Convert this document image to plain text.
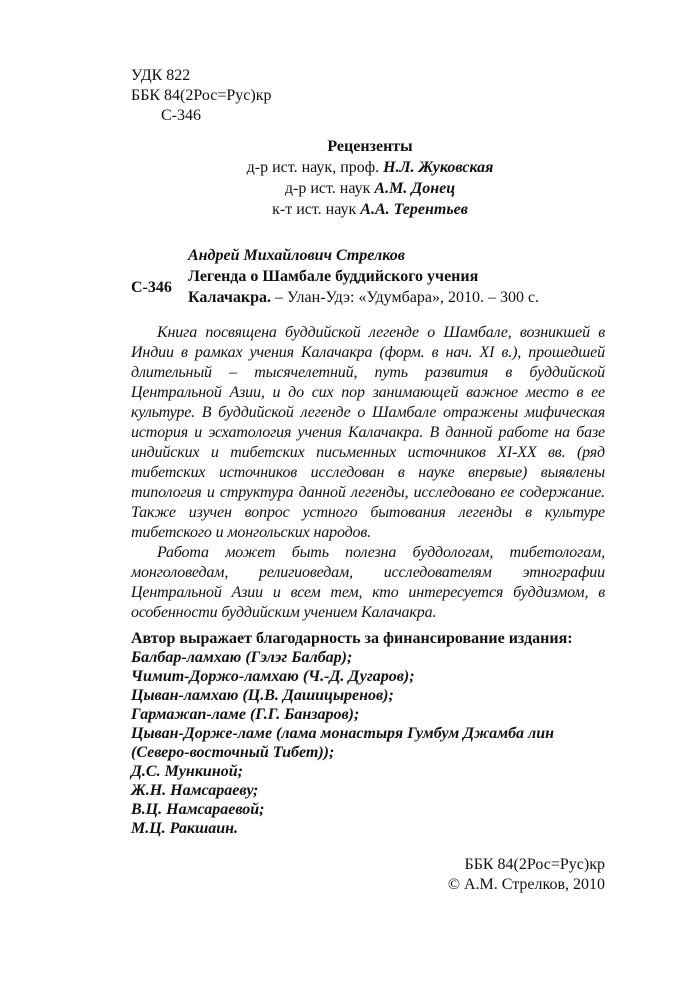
УДК 822
ББК 84(2Рос=Рус)кр
С-346
Рецензенты
д-р ист. наук, проф. Н.Л. Жуковская
д-р ист. наук А.М. Донец
к-т ист. наук А.А. Терентьев
С-346
Андрей Михайлович Стрелков
Легенда о Шамбале буддийского учения
Калачакра. – Улан-Удэ: «Удумбара», 2010. – 300 с.

Книга посвящена буддийской легенде о Шамбале, возникшей в Индии в рамках учения Калачакра (форм. в нач. XI в.), прошедшей длительный – тысячелетний, путь развития в буддийской Центральной Азии, и до сих пор занимающей важное место в ее культуре. В буддийской легенде о Шамбале отражены мифическая история и эсхатология учения Калачакра. В данной работе на базе индийских и тибетских письменных источников XI-XX вв. (ряд тибетских источников исследован в науке впервые) выявлены типология и структура данной легенды, исследовано ее содержание. Также изучен вопрос устного бытования легенды в культуре тибетского и монгольских народов.

Работа может быть полезна буддологам, тибетологам, монголоведам, религиоведам, исследователям этнографии Центральной Азии и всем тем, кто интересуется буддизмом, в особенности буддийским учением Калачакра.

Автор выражает благодарность за финансирование издания:
Балбар-ламхаю (Гэлэг Балбар);
Чимит-Доржо-ламхаю (Ч.-Д. Дугаров);
Цыван-ламхаю (Ц.В. Дашицыренов);
Гармажап-ламе (Г.Г. Банзаров);
Цыван-Дорже-ламе (лама монастыря Гумбум Джамба лин (Северо-восточный Тибет));
Д.С. Мункиной;
Ж.Н. Намсараеву;
В.Ц. Намсараевой;
М.Ц. Ракшаин.
ББК 84(2Рос=Рус)кр
© А.М. Стрелков, 2010
